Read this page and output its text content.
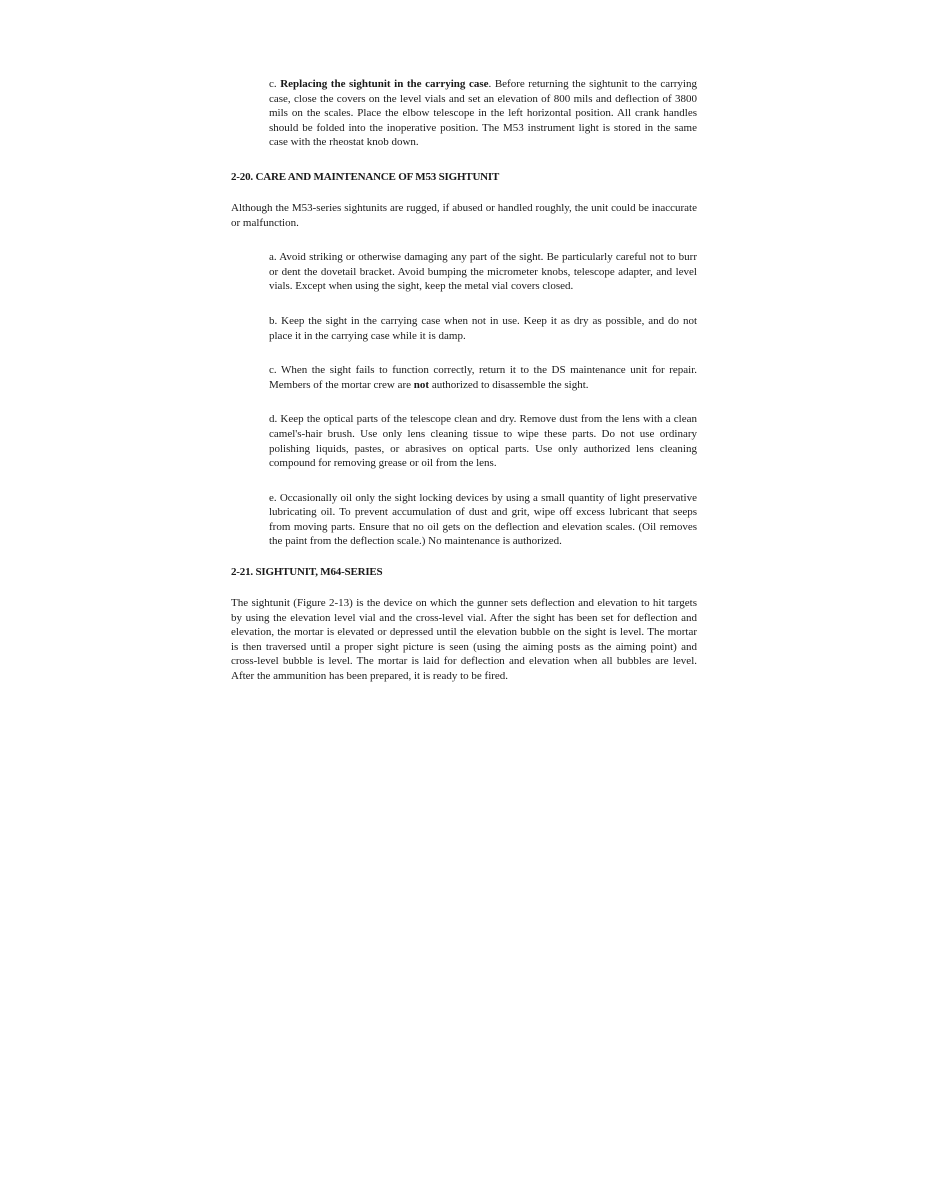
c. Replacing the sightunit in the carrying case. Before returning the sightunit to the carrying case, close the covers on the level vials and set an elevation of 800 mils and deflection of 3800 mils on the scales. Place the elbow telescope in the left horizontal position. All crank handles should be folded into the inoperative position. The M53 instrument light is stored in the same case with the rheostat knob down.

2-20. CARE AND MAINTENANCE OF M53 SIGHTUNIT

Although the M53-series sightunits are rugged, if abused or handled roughly, the unit could be inaccurate or malfunction.

a. Avoid striking or otherwise damaging any part of the sight. Be particularly careful not to burr or dent the dovetail bracket. Avoid bumping the micrometer knobs, telescope adapter, and level vials. Except when using the sight, keep the metal vial covers closed.

b. Keep the sight in the carrying case when not in use. Keep it as dry as possible, and do not place it in the carrying case while it is damp.

c. When the sight fails to function correctly, return it to the DS maintenance unit for repair. Members of the mortar crew are not authorized to disassemble the sight.

d. Keep the optical parts of the telescope clean and dry. Remove dust from the lens with a clean camel's-hair brush. Use only lens cleaning tissue to wipe these parts. Do not use ordinary polishing liquids, pastes, or abrasives on optical parts. Use only authorized lens cleaning compound for removing grease or oil from the lens.

e. Occasionally oil only the sight locking devices by using a small quantity of light preservative lubricating oil. To prevent accumulation of dust and grit, wipe off excess lubricant that seeps from moving parts. Ensure that no oil gets on the deflection and elevation scales. (Oil removes the paint from the deflection scale.) No maintenance is authorized.

2-21. SIGHTUNIT, M64-SERIES

The sightunit (Figure 2-13) is the device on which the gunner sets deflection and elevation to hit targets by using the elevation level vial and the cross-level vial. After the sight has been set for deflection and elevation, the mortar is elevated or depressed until the elevation bubble on the sight is level. The mortar is then traversed until a proper sight picture is seen (using the aiming posts as the aiming point) and cross-level bubble is level. The mortar is laid for deflection and elevation when all bubbles are level. After the ammunition has been prepared, it is ready to be fired.
